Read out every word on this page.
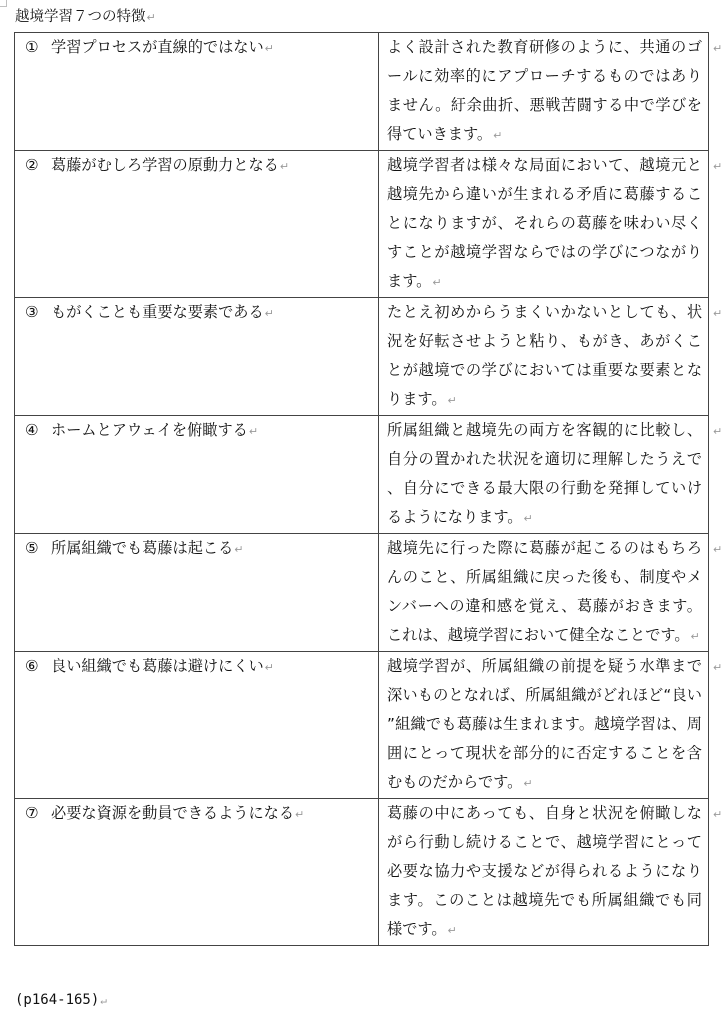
越境学習７つの特徴↵
① 学習プロセスが直線的ではない↵	よく設計された教育研修のように、共通のゴールに効率的にアプローチするものではありません。紆余曲折、悪戦苦闘する中で学びを得ていきます。↵
② 葛藤がむしろ学習の原動力となる↵	越境学習者は様々な局面において、越境元と越境先から違いが生まれる矛盾に葛藤することになりますが、それらの葛藤を味わい尽くすことが越境学習ならではの学びにつながります。↵
③ もがくことも重要な要素である↵	たとえ初めからうまくいかないとしても、状況を好転させようと粘り、もがき、あがくことが越境での学びにおいては重要な要素となります。↵
④ ホームとアウェイを俯瞰する↵	所属組織と越境先の両方を客観的に比較し、自分の置かれた状況を適切に理解したうえで、自分にできる最大限の行動を発揮していけるようになります。↵
⑤ 所属組織でも葛藤は起こる↵	越境先に行った際に葛藤が起こるのはもちろんのこと、所属組織に戻った後も、制度やメンバーへの違和感を覚え、葛藤がおきます。これは、越境学習において健全なことです。↵
⑥ 良い組織でも葛藤は避けにくい↵	越境学習が、所属組織の前提を疑う水準まで深いものとなれば、所属組織がどれほど“良い”組織でも葛藤は生まれます。越境学習は、周囲にとって現状を部分的に否定することを含むものだからです。↵
⑦ 必要な資源を動員できるようになる↵	葛藤の中にあっても、自身と状況を俯瞰しながら行動し続けることで、越境学習にとって必要な協力や支援などが得られるようになります。このことは越境先でも所属組織でも同様です。↵
(p164-165)↵
↵
↵
↵
↵
↵
↵
↵
